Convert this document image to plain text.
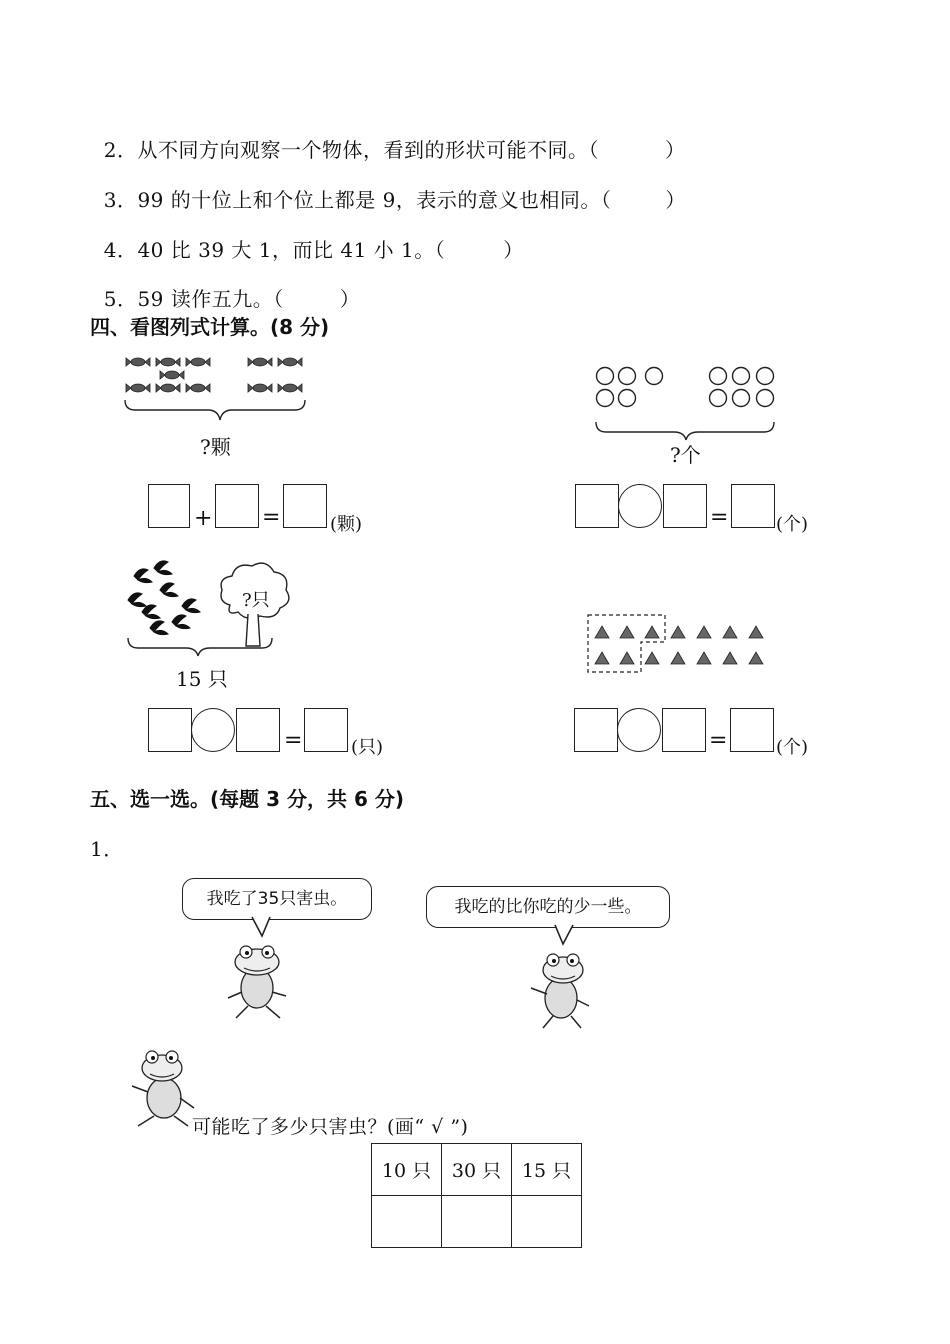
2．从不同方向观察一个物体，看到的形状可能不同。（	）

3．99 的十位上和个位上都是 9，表示的意义也相同。（	）

4．40 比 39 大 1，而比 41 小 1。（	）

5．59 读作五九。（	）

四、看图列式计算。(8 分)
?颗
+ =	(颗)
?个
=	(个)
?只
15 只
=	(只)	=	(个)
五、选一选。(每题 3 分，共 6 分)
1．
我吃了35只害虫。	我吃的比你吃的少一些。
可能吃了多少只害虫？(画“ √ ”)
10 只	30 只	15 只
